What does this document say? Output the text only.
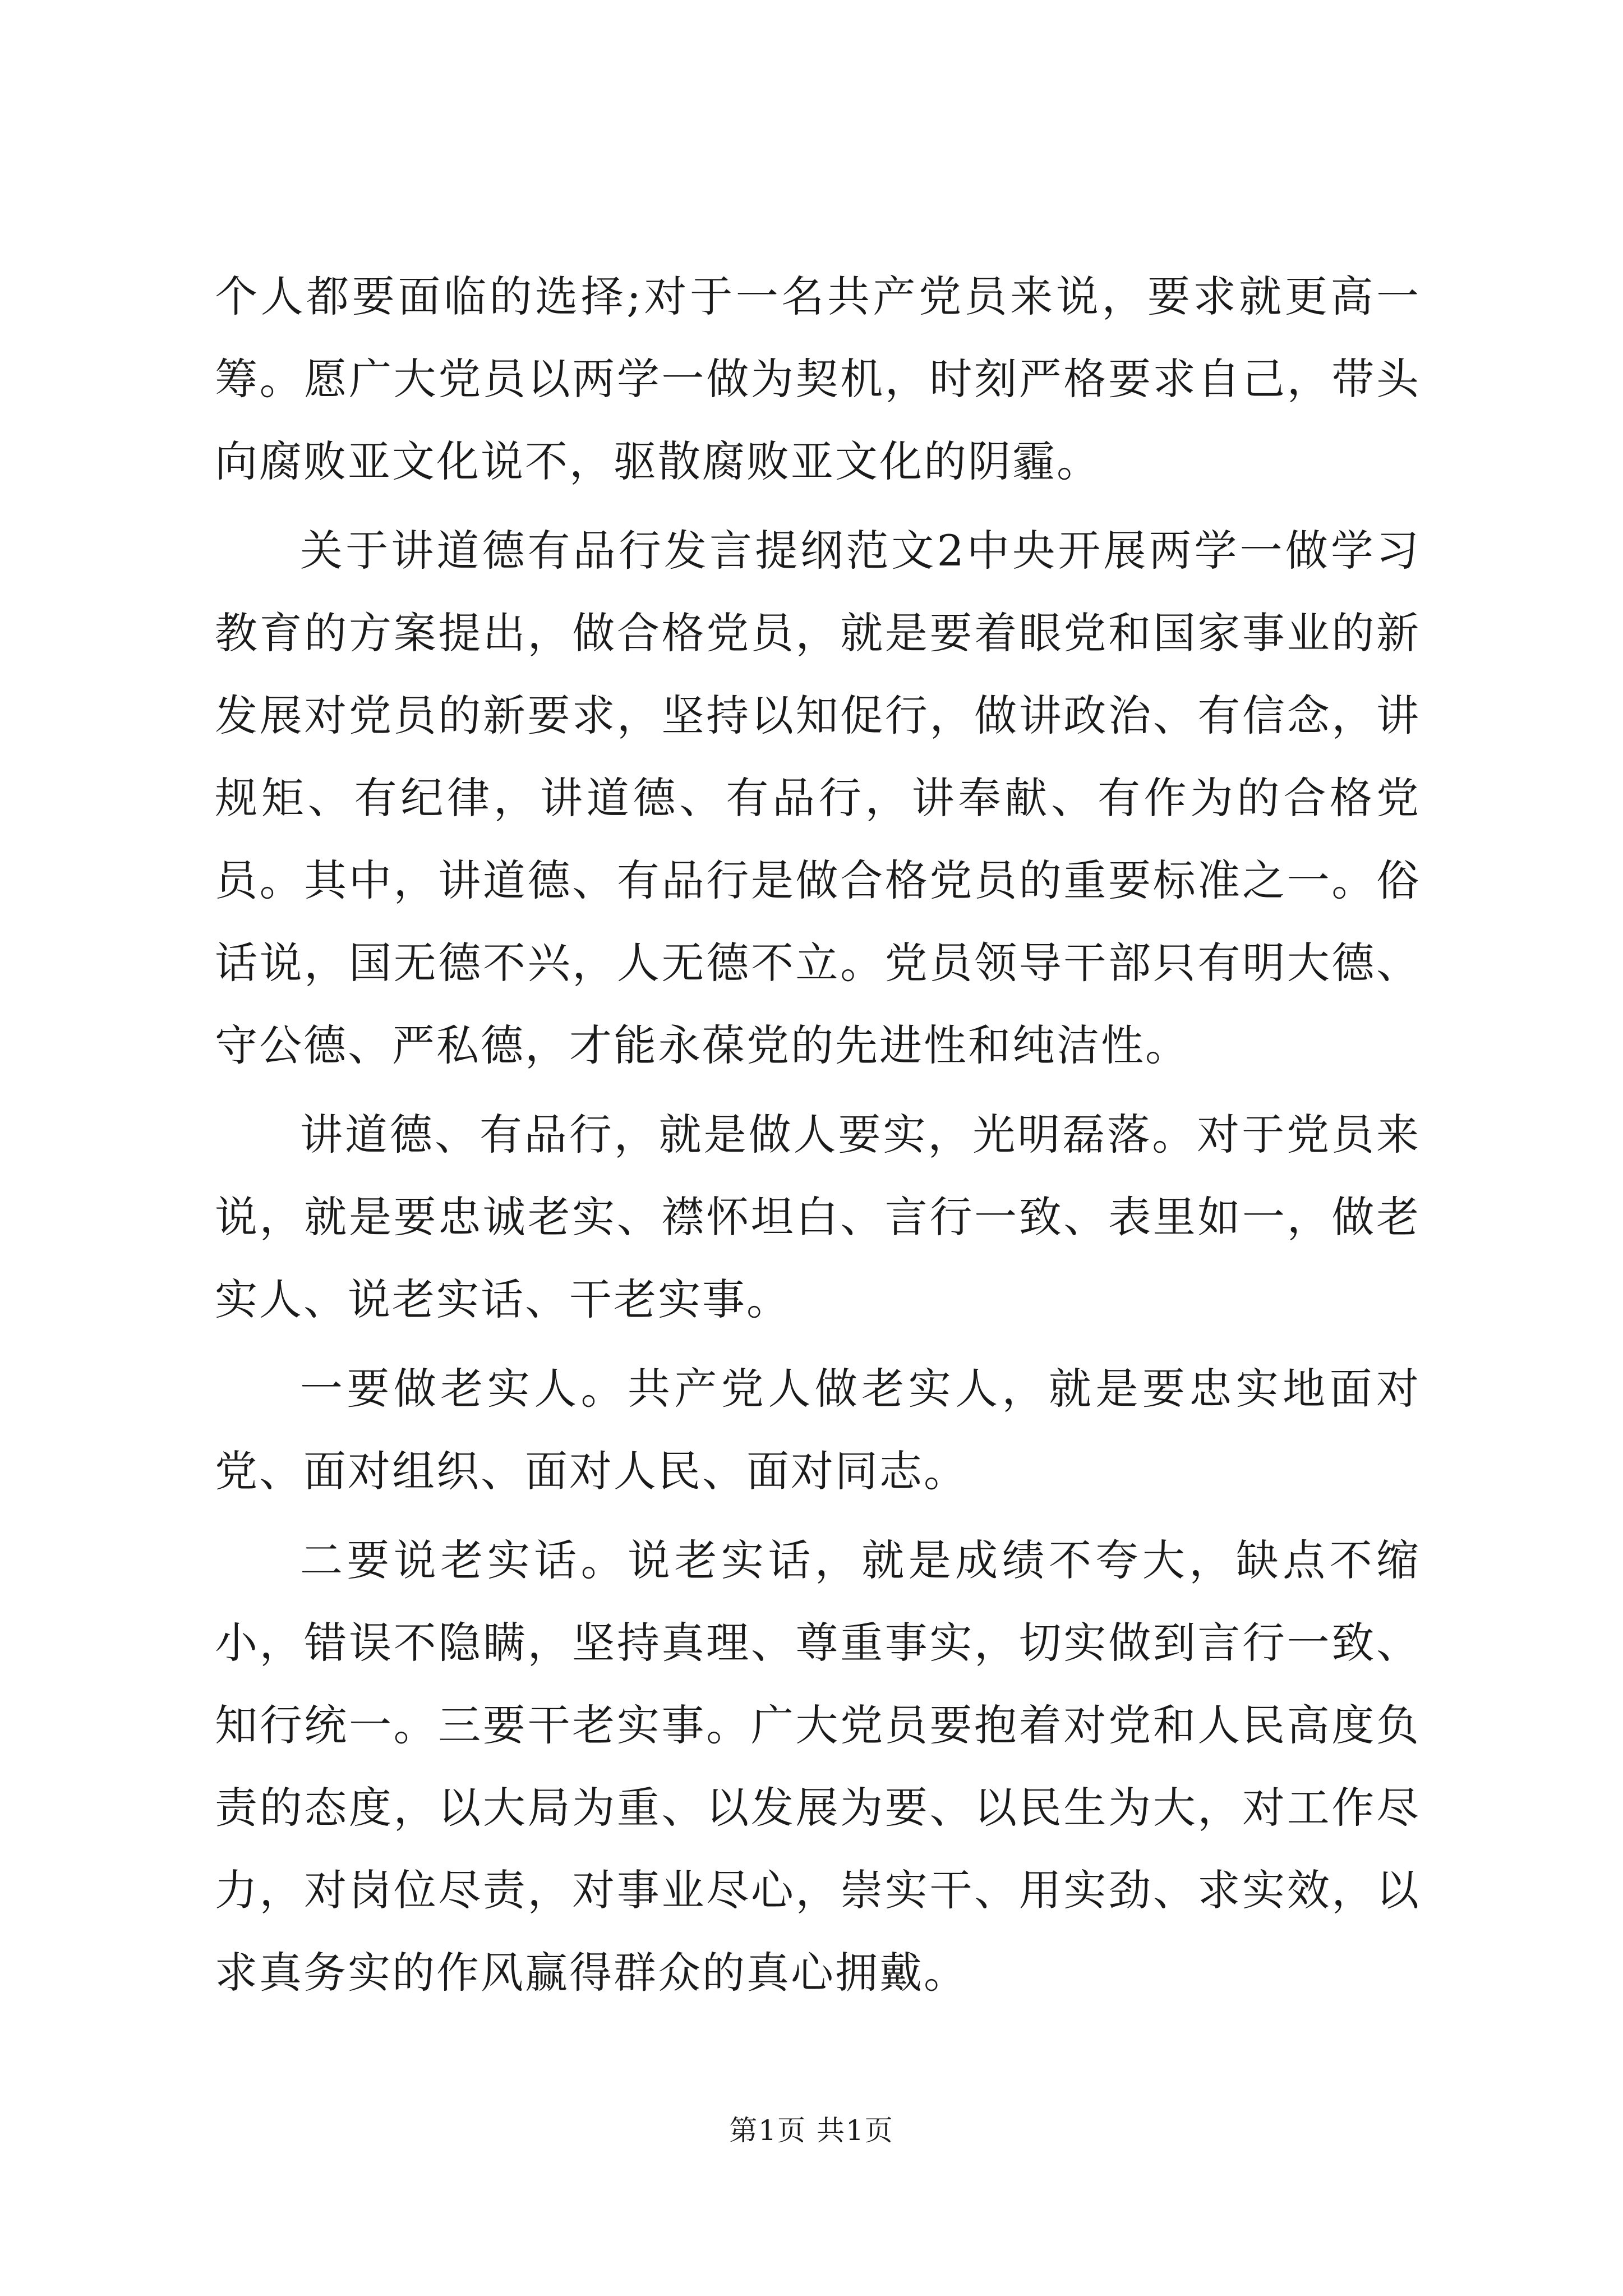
个人都要面临的选择;对于一名共产党员来说，要求就更高一筹。愿广大党员以两学一做为契机，时刻严格要求自己，带头向腐败亚文化说不，驱散腐败亚文化的阴霾。

关于讲道德有品行发言提纲范文2中央开展两学一做学习教育的方案提出，做合格党员，就是要着眼党和国家事业的新发展对党员的新要求，坚持以知促行，做讲政治、有信念，讲规矩、有纪律，讲道德、有品行，讲奉献、有作为的合格党员。其中，讲道德、有品行是做合格党员的重要标准之一。俗话说，国无德不兴，人无德不立。党员领导干部只有明大德、守公德、严私德，才能永葆党的先进性和纯洁性。

讲道德、有品行，就是做人要实，光明磊落。对于党员来说，就是要忠诚老实、襟怀坦白、言行一致、表里如一，做老实人、说老实话、干老实事。

一要做老实人。共产党人做老实人，就是要忠实地面对党、面对组织、面对人民、面对同志。

二要说老实话。说老实话，就是成绩不夸大，缺点不缩小，错误不隐瞒，坚持真理、尊重事实，切实做到言行一致、知行统一。三要干老实事。广大党员要抱着对党和人民高度负责的态度，以大局为重、以发展为要、以民生为大，对工作尽力，对岗位尽责，对事业尽心，崇实干、用实劲、求实效，以求真务实的作风赢得群众的真心拥戴。

第1页 共1页
